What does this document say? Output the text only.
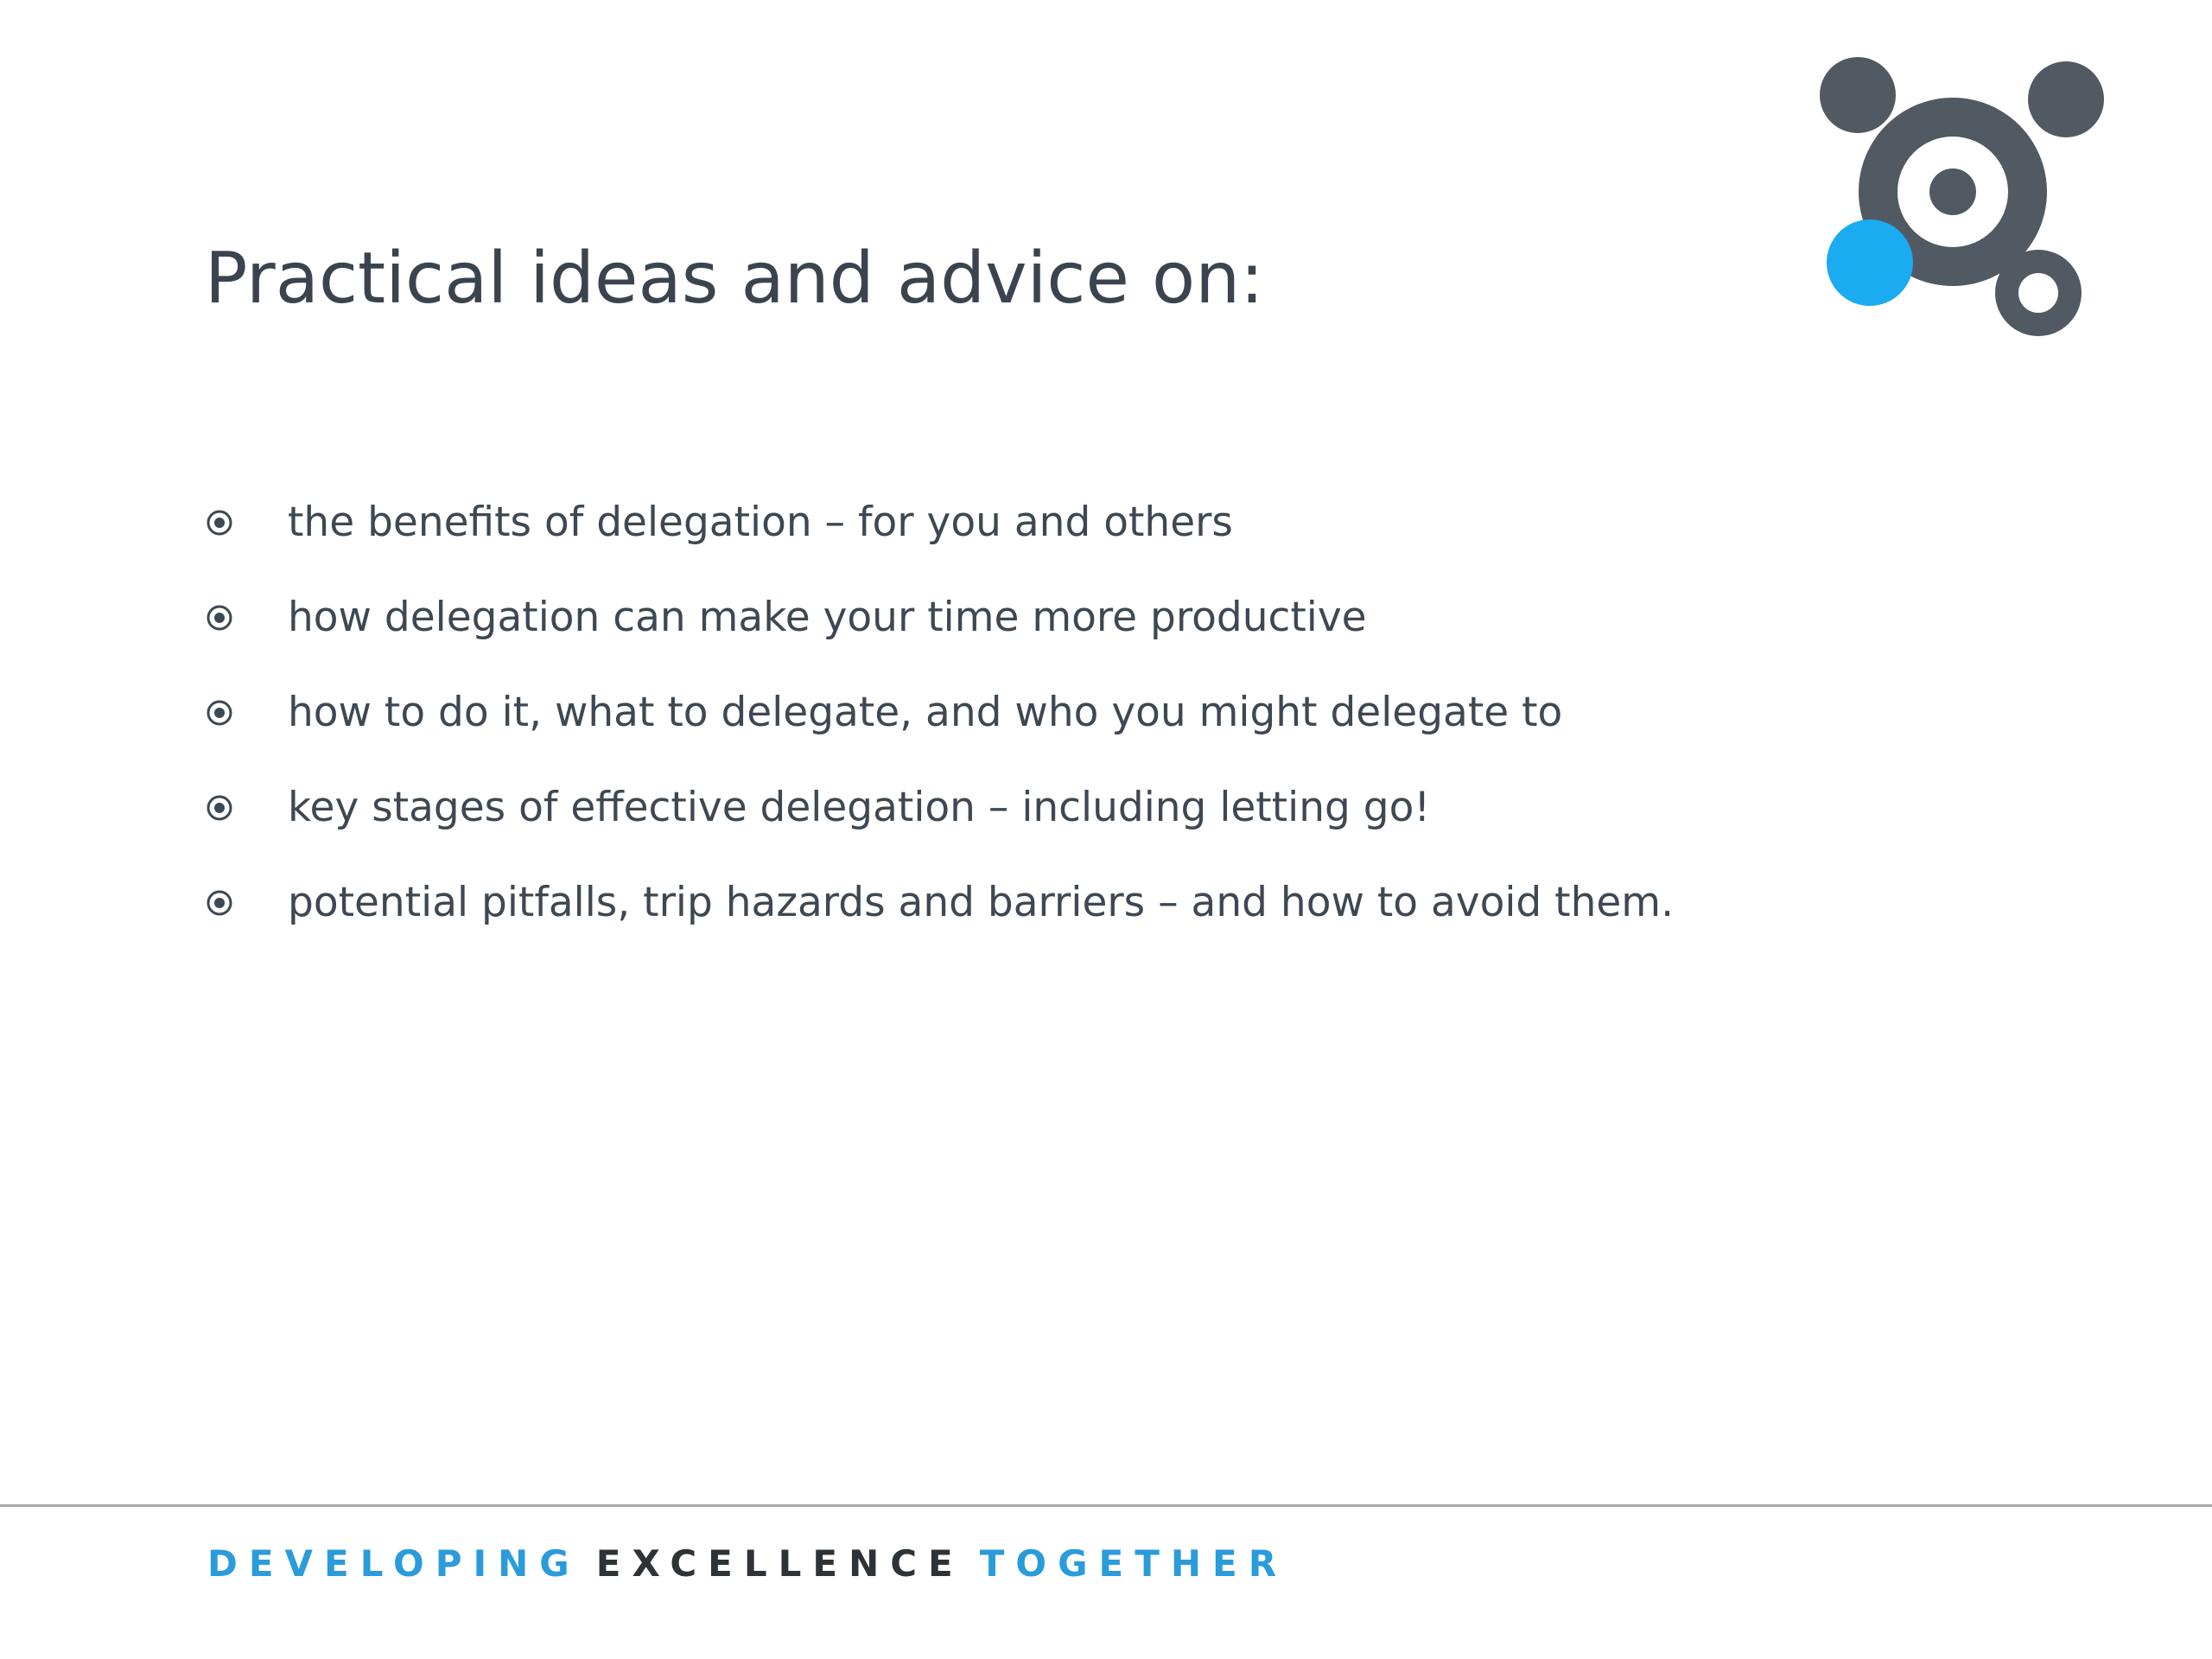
Practical ideas and advice on:
the benefits of delegation – for you and others
how delegation can make your time more productive
how to do it, what to delegate, and who you might delegate to
key stages of effective delegation – including letting go!
potential pitfalls, trip hazards and barriers – and how to avoid them.
DEVELOPING EXCELLENCE TOGETHER
